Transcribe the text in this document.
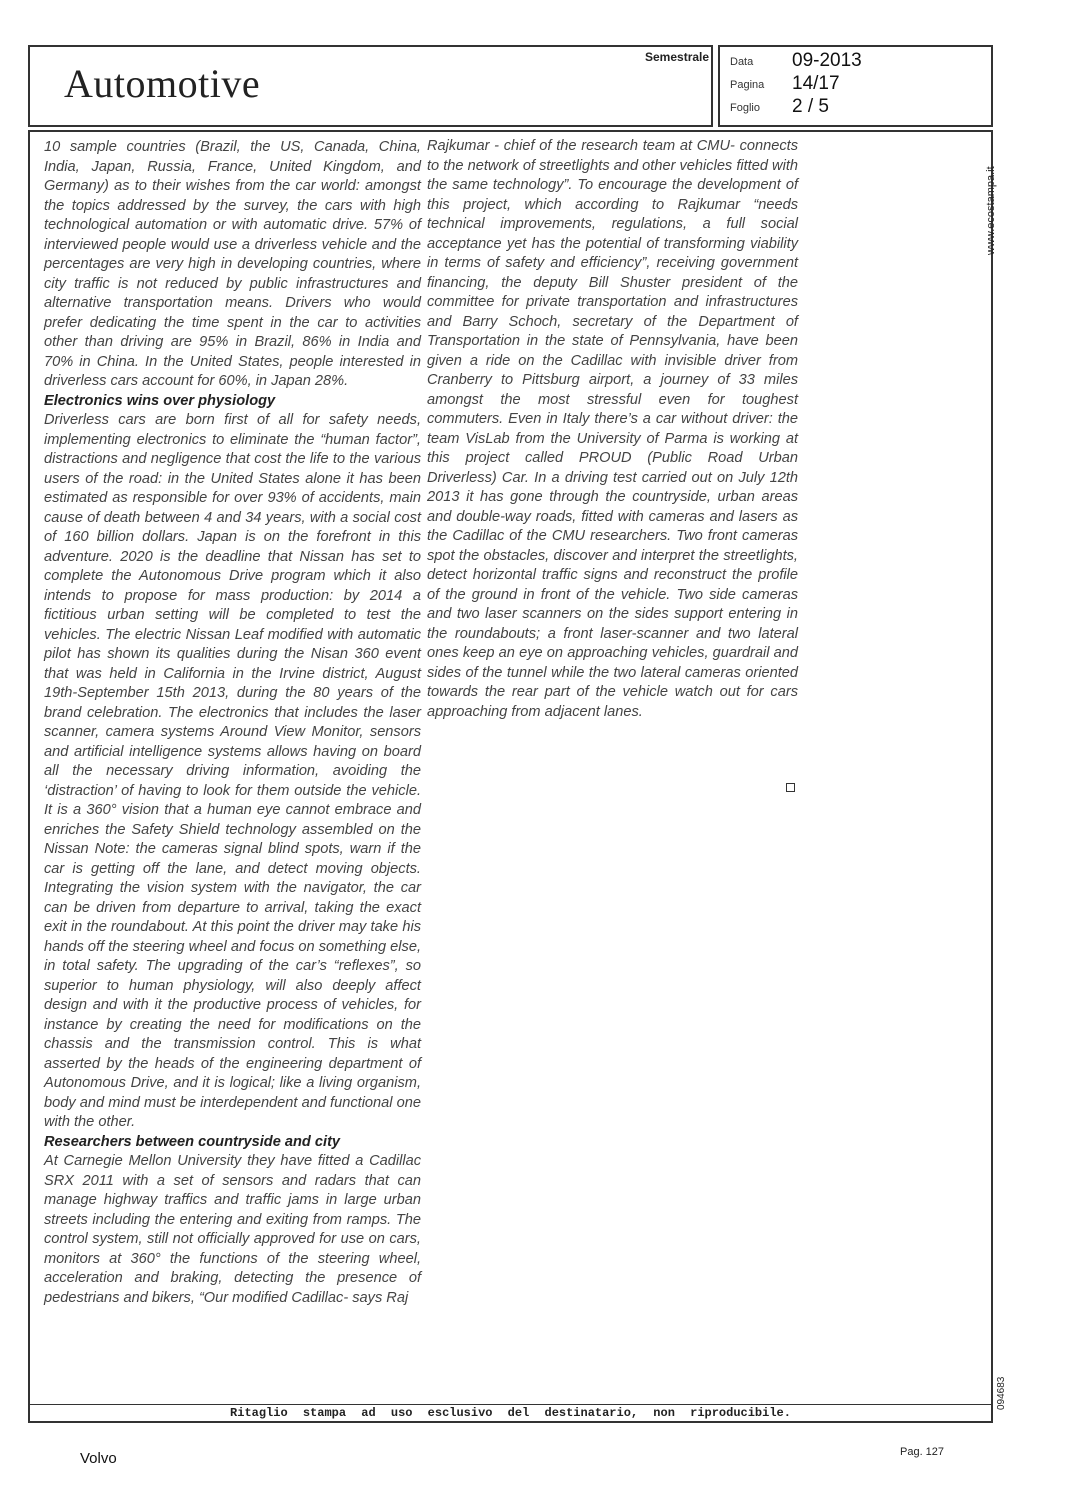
Automotive
Semestrale Data 09-2013
Pagina 14/17
Foglio 2 / 5

10 sample countries (Brazil, the US, Canada, China, India, Japan, Russia, France, United Kingdom, and Germany) as to their wishes from the car world: amongst the topics addressed by the survey, the cars with high technological automation or with automatic drive. 57% of interviewed people would use a driverless vehicle and the percentages are very high in developing countries, where city traffic is not reduced by public infrastructures and alternative transportation means. Drivers who would prefer dedicating the time spent in the car to activities other than driving are 95% in Brazil, 86% in India and 70% in China. In the United States, people interested in driverless cars account for 60%, in Japan 28%.

Electronics wins over physiology

Driverless cars are born first of all for safety needs, implementing electronics to eliminate the “human factor”, distractions and negligence that cost the life to the various users of the road: in the United States alone it has been estimated as responsible for over 93% of accidents, main cause of death between 4 and 34 years, with a social cost of 160 billion dollars. Japan is on the forefront in this adventure. 2020 is the deadline that Nissan has set to complete the Autonomous Drive program which it also intends to propose for mass production: by 2014 a fictitious urban setting will be completed to test the vehicles. The electric Nissan Leaf modified with automatic pilot has shown its qualities during the Nisan 360 event that was held in California in the Irvine district, August 19th-September 15th 2013, during the 80 years of the brand celebration. The electronics that includes the laser scanner, camera systems Around View Monitor, sensors and artificial intelligence systems allows having on board all the necessary driving information, avoiding the ‘distraction’ of having to look for them outside the vehicle. It is a 360° vision that a human eye cannot embrace and enriches the Safety Shield technology assembled on the Nissan Note: the cameras signal blind spots, warn if the car is getting off the lane, and detect moving objects. Integrating the vision system with the navigator, the car can be driven from departure to arrival, taking the exact exit in the roundabout. At this point the driver may take his hands off the steering wheel and focus on something else, in total safety. The upgrading of the car’s “reflexes”, so superior to human physiology, will also deeply affect design and with it the productive process of vehicles, for instance by creating the need for modifications on the chassis and the transmission control. This is what asserted by the heads of the engineering department of Autonomous Drive, and it is logical; like a living organism, body and mind must be interdependent and functional one with the other.

Researchers between countryside and city

At Carnegie Mellon University they have fitted a Cadillac SRX 2011 with a set of sensors and radars that can manage highway traffics and traffic jams in large urban streets including the entering and exiting from ramps. The control system, still not officially approved for use on cars, monitors at 360° the functions of the steering wheel, acceleration and braking, detecting the presence of pedestrians and bikers, “Our modified Cadillac- says Raj

Rajkumar - chief of the research team at CMU- connects to the network of streetlights and other vehicles fitted with the same technology”. To encourage the development of this project, which according to Rajkumar “needs technical improvements, regulations, a full social acceptance yet has the potential of transforming viability in terms of safety and efficiency”, receiving government financing, the deputy Bill Shuster president of the committee for private transportation and infrastructures and Barry Schoch, secretary of the Department of Transportation in the state of Pennsylvania, have been given a ride on the Cadillac with invisible driver from Cranberry to Pittsburg airport, a journey of 33 miles amongst the most stressful even for toughest commuters. Even in Italy there’s a car without driver: the team VisLab from the University of Parma is working at this project called PROUD (Public Road Urban Driverless) Car. In a driving test carried out on July 12th 2013 it has gone through the countryside, urban areas and double-way roads, fitted with cameras and lasers as the Cadillac of the CMU researchers. Two front cameras spot the obstacles, discover and interpret the streetlights, detect horizontal traffic signs and reconstruct the profile of the ground in front of the vehicle. Two side cameras and two laser scanners on the sides support entering in the roundabouts; a front laser-scanner and two lateral ones keep an eye on approaching vehicles, guardrail and sides of the tunnel while the two lateral cameras oriented towards the rear part of the vehicle watch out for cars approaching from adjacent lanes.

www.ecostampa.it
094683
Ritaglio stampa ad uso esclusivo del destinatario, non riproducibile.
Volvo	Pag. 127
